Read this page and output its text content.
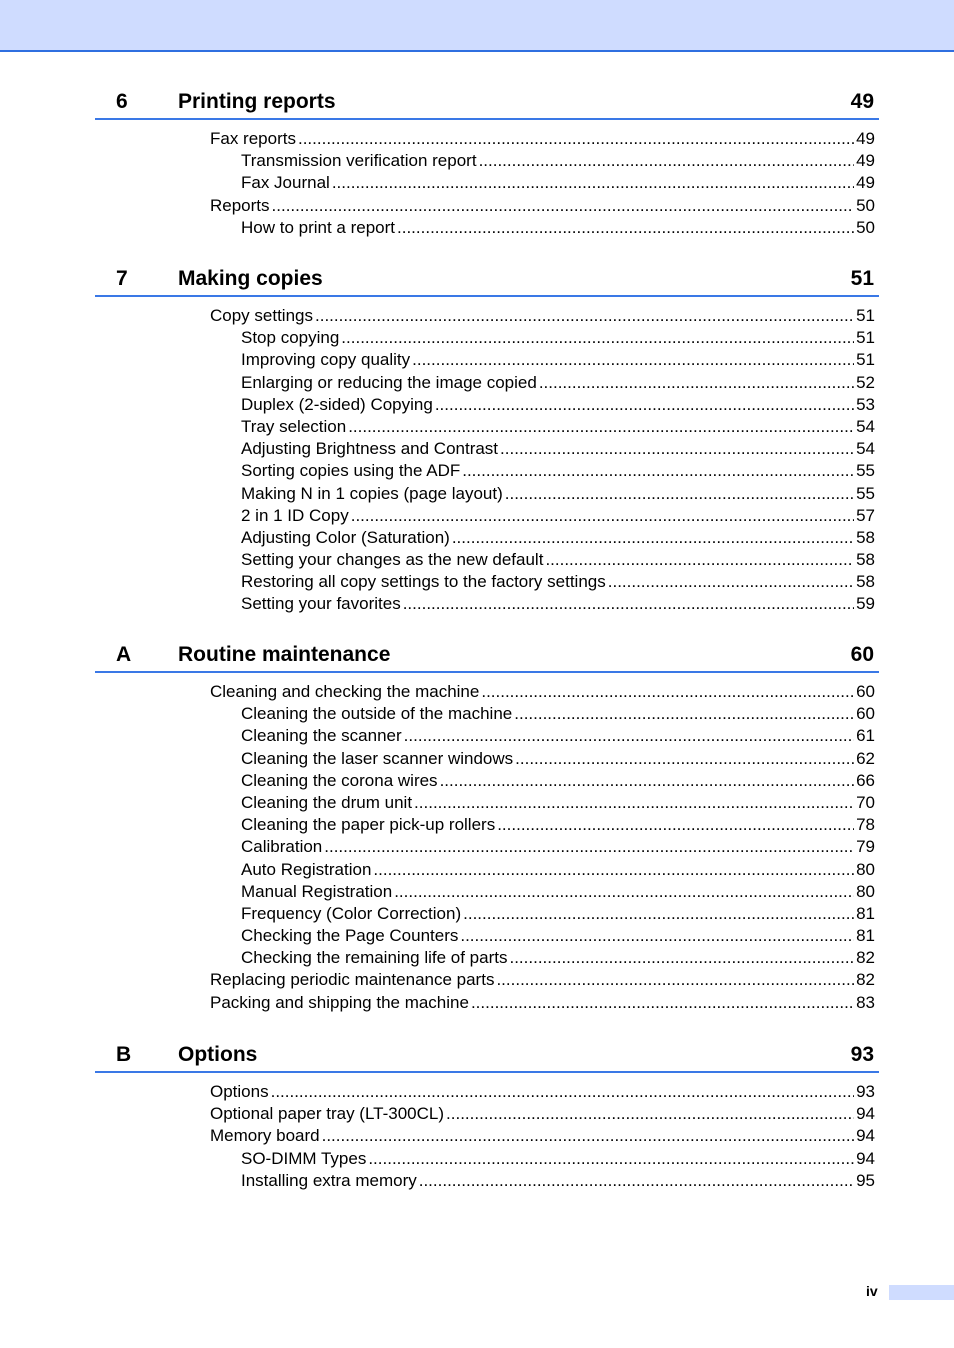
6 Printing reports	49
Fax reports .....	49
Transmission verification report .....	49
Fax Journal .....	49
Reports .....	50
How to print a report .....	50
7 Making copies	51
Copy settings .....	51
Stop copying .....	51
Improving copy quality .....	51
Enlarging or reducing the image copied .....	52
Duplex (2-sided) Copying .....	53
Tray selection .....	54
Adjusting Brightness and Contrast .....	54
Sorting copies using the ADF .....	55
Making N in 1 copies (page layout) .....	55
2 in 1 ID Copy .....	57
Adjusting Color (Saturation) .....	58
Setting your changes as the new default .....	58
Restoring all copy settings to the factory settings .....	58
Setting your favorites .....	59
A Routine maintenance	60
Cleaning and checking the machine .....	60
Cleaning the outside of the machine .....	60
Cleaning the scanner .....	61
Cleaning the laser scanner windows .....	62
Cleaning the corona wires .....	66
Cleaning the drum unit .....	70
Cleaning the paper pick-up rollers .....	78
Calibration .....	79
Auto Registration .....	80
Manual Registration .....	80
Frequency (Color Correction) .....	81
Checking the Page Counters .....	81
Checking the remaining life of parts .....	82
Replacing periodic maintenance parts .....	82
Packing and shipping the machine .....	83
B Options	93
Options .....	93
Optional paper tray (LT-300CL) .....	94
Memory board .....	94
SO-DIMM Types .....	94
Installing extra memory .....	95
iv
